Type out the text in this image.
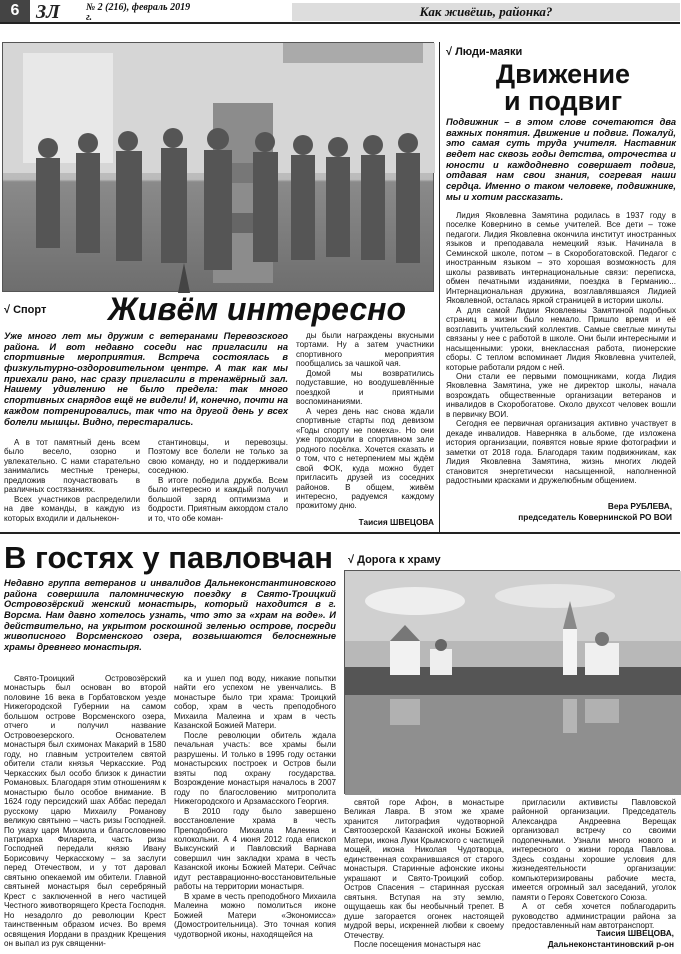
6 ЗЛ	№ 2 (216), февраль 2019 г.	Как живёшь, районка?
√ Спорт Живём интересно
Уже много лет мы дружим с ветеранами Перевозского района. И вот недавно соседи нас пригласили на спортивные мероприятия. Встреча состоялась в физкультурно-оздоровительном центре. А так как мы приехали рано, нас сразу пригласили в тренажёрный зал. Нашему удивлению не было предела: так много спортивных снарядов ещё не видели! И, конечно, почти на каждом потренировались, так что на другой день у всех болели мышцы. Видно, перестарались.

А в тот памятный день всем было весело, озорно и увлекательно. С нами старательно занимались местные тренеры, предложив поучаствовать в различных состязаниях.

Всех участников распределили на две команды, в каждую из которых входили и дальнекон-

стантиновцы, и перевозцы. Поэтому все болели не только за свою команду, но и поддерживали соседнюю.

В итоге победила дружба. Всем было интересно и каждый получил большой заряд оптимизма и бодрости. Приятным аккордом стало и то, что обе коман-

ды были награждены вкусными тортами. Ну а затем участники спортивного мероприятия пообщались за чашкой чая.

Домой мы возвратились подуставшие, но воодушевлённые поездкой и приятными воспоминаниями.

А через день нас снова ждали спортивные старты под девизом «Годы спорту не помеха». Но они уже проходили в спортивном зале родного посёлка. Хочется сказать и о том, что с нетерпением мы ждём свой ФОК, куда можно будет пригласить друзей из соседних районов. В общем, живём интересно, радуемся каждому прожитому дню.

Таисия ШВЕЦОВА
√ Люди-маяки
Движение
и подвиг
Подвижник – в этом слове сочетаются два важных понятия. Движение и подвиг. Пожалуй, это самая суть труда учителя. Наставник ведет нас сквозь годы детства, отрочества и юности и каждодневно совершает подвиг, отдавая нам свои знания, согревая наши сердца. Именно о таком человеке, подвижнике, мы и хотим рассказать.

Лидия Яковлевна Замятина родилась в 1937 году в поселке Ковернино в семье учителей. Все дети – тоже педагоги. Лидия Яковлевна окончила институт иностранных языков и преподавала немецкий язык. Начинала в Семинской школе, потом – в Скоробогатовской. Педагог с иностранным языком – это хорошая возможность для школы развивать интернациональные связи: переписка, обмен печатными изданиями, поездка в Германию... Интернациональная дружина, возглавлявшаяся Лидией Яковлевной, осталась яркой страницей в истории школы.

А для самой Лидии Яковлевны Замятиной подобных страниц в жизни было немало. Пришло время и её возглавить учительский коллектив. Самые светлые минуты связаны у нее с работой в школе. Они были интересными и насыщенными: уроки, внеклассная работа, пионерские сборы. С теплом вспоминает Лидия Яковлевна учителей, которые работали рядом с ней.

Они стали ее первыми помощниками, когда Лидия Яковлевна Замятина, уже не директор школы, начала возрождать общественные организации ветеранов и инвалидов в Скоробогатове. Около двухсот человек вошли в первичку ВОИ.

Сегодня ее первичная организация активно участвует в декаде инвалидов. Наверняка в альбоме, где изложена история организации, появятся новые яркие фотографии и заметки от 2018 года. Благодаря таким подвижникам, как Лидия Яковлевна Замятина, жизнь многих людей становится энергетически насыщенной, наполненной радостными красками и дружелюбным общением.

Вера РУБЛЕВА,
председатель Ковернинской РО ВОИ
В гостях у павловчан
Недавно группа ветеранов и инвалидов Дальнеконстантиновского района совершила паломническую поездку в Свято-Троицкий Островозёрский женский монастырь, который находится в г. Ворсма. Нам давно хотелось узнать, что это за «храм на воде». И действительно, на укрытом роскошной зеленью острове, посреди живописного Ворсменского озера, возвышаются белоснежные храмы древнего монастыря.

Свято-Троицкий Островозёрский монастырь был основан во второй половине 16 века в Горбатовском уезде Нижегородской Губернии на самом большом острове Ворсменского озера, отчего и получил название Островоезерского. Основателем монастыря был схимонах Макарий в 1580 году, но главным устроителем святой обители стали князья Черкасские. Род Черкасских был особо близок к династии Романовых. Благодаря этим отношениям к монастырю было особое внимание. В 1624 году персидский шах Аббас передал русскому царю Михаилу Романову великую святыню – часть ризы Господней. По указу царя Михаила и благословению патриарха Филарета, часть ризы Господней передали князю Ивану Борисовичу Черкасскому – за заслуги перед Отечеством, и у тот даровал святыню опекаемой им обители. Главной святыней монастыря был серебряный Крест с заключенной в него частицей Честного животворящего Креста Господня. Но незадолго до революции Крест таинственным образом исчез. Во время освящения Иордани в праздник Крещения он выпал из рук священни-

ка и ушел под воду, никакие попытки найти его успехом не увенчались. В монастыре было три храма: Троицкий собор, храм в честь преподобного Михаила Малеина и храм в честь Казанской Божией Матери.

После революции обитель ждала печальная участь: все храмы были разрушены. И только в 1995 году останки монастырских построек и Остров были взяты под охрану государства. Возрождение монастыря началось в 2007 году по благословению митрополита Нижегородского и Арзамасского Георгия.

В 2010 году было завершено восстановление храма в честь Преподобного Михаила Малеина и колокольни. А 4 июня 2012 года епископ Выксунский и Павловский Варнава совершил чин закладки храма в честь Казанской иконы Божией Матери. Сейчас идут реставрационно-восстановительные работы на территории монастыря.

В храме в честь преподобного Михаила Малеина можно помолиться иконе Божией Матери «Экономисса» (Домостроительница). Это точная копия чудотворной иконы, находящейся на

√ Дорога к храму

святой горе Афон, в монастыре Великая Лавра. В этом же храме хранится литография чудотворной Святоозерской Казанской иконы Божией Матери, икона Луки Крымского с частицей мощей, икона Николая Чудотворца, единственная сохранившаяся от старого монастыря. Старинные афонские иконы украшают и Свято-Троицкий собор. Остров Спасения – старинная русская святыня. Вступая на эту землю, ощущаешь как бы необычный трепет. В душе загорается огонек настоящей мудрой веры, искренней любви к своему Отечеству.

После посещения монастыря нас

пригласили активисты Павловской районной организации. Председатель Александра Андреевна Верещак организовал встречу со своими подопечными. Узнали много нового и интересного о жизни города Павлова. Здесь созданы хорошие условия для жизнедеятельности организации: компьютеризированы рабочие места, имеется огромный зал заседаний, уголок памяти о Героях Советского Союза.

А от себя хочется поблагодарить руководство администрации района за предоставленный нам автотранспорт.

Таисия ШВЕЦОВА,
Дальнеконстантиновский р-он
